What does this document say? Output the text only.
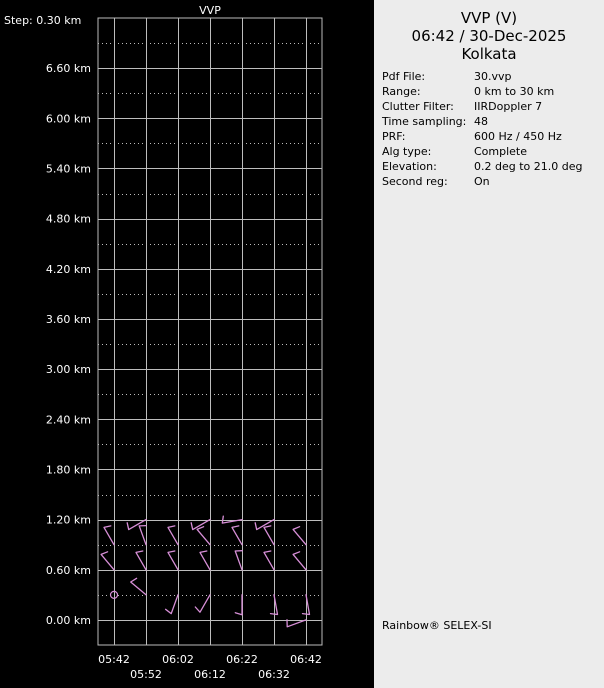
VVP
Step: 0.30 km
6.60 km
6.00 km
5.40 km
4.80 km
4.20 km
3.60 km
3.00 km
2.40 km
1.80 km
1.20 km
0.60 km
0.00 km
05:42	06:02	06:22	06:42
05:52	06:12	06:32
VVP (V)
06:42 / 30-Dec-2025
Kolkata
Pdf File:	30.vvp
Range:	0 km to 30 km
Clutter Filter: IIRDoppler 7
Time sampling: 48
PRF:	600 Hz / 450 Hz
Alg type:	Complete
Elevation:	0.2 deg to 21.0 deg
Second reg: On
Rainbow® SELEX-SI
